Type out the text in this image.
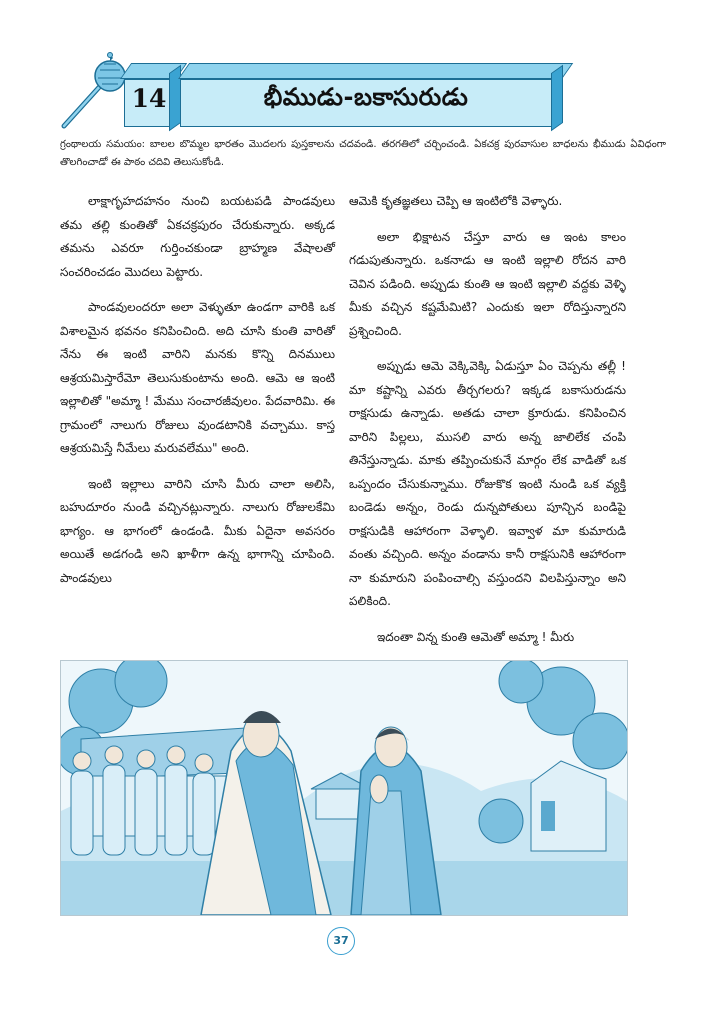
14	భీముడు-బకాసురుడు
గ్రంథాలయ సమయం: బాలల బొమ్మల భారతం మొదలగు పుస్తకాలను చదవండి. తరగతిలో చర్చించండి. ఏకచక్ర పురవాసుల బాధలను భీముడు ఏవిధంగా తొలగించాడో ఈ పాఠం చదివి తెలుసుకోండి.

లాక్షాగృహదహనం నుంచి బయటపడి పాండవులు తమ తల్లి కుంతితో ఏకచక్రపురం చేరుకున్నారు. అక్కడ తమను ఎవరూ గుర్తించకుండా బ్రాహ్మణ వేషాలతో సంచరించడం మొదలు పెట్టారు.

పాండవులందరూ అలా వెళ్ళుతూ ఉండగా వారికి ఒక విశాలమైన భవనం కనిపించింది. అది చూసి కుంతి వారితో నేను ఈ ఇంటి వారిని మనకు కొన్ని దినములు ఆశ్రయమిస్తారేమో తెలుసుకుంటాను అంది. ఆమె ఆ ఇంటి ఇల్లాలితో "అమ్మా ! మేము సంచారజీవులం. పేదవారిమి. ఈ గ్రామంలో నాలుగు రోజులు వుండటానికి వచ్చాము. కాస్త ఆశ్రయమిస్తే నీమేలు మరువలేము" అంది.

ఇంటి ఇల్లాలు వారిని చూసి మీరు చాలా అలిసి, బహుదూరం నుండి వచ్చినట్లున్నారు. నాలుగు రోజులకేమి భాగ్యం. ఆ భాగంలో ఉండండి. మీకు ఏదైనా అవసరం అయితే అడగండి అని ఖాళీగా ఉన్న భాగాన్ని చూపింది. పాండవులు

ఆమెకి కృతజ్ఞతలు చెప్పి ఆ ఇంటిలోకి వెళ్ళారు.

అలా భిక్షాటన చేస్తూ వారు ఆ ఇంట కాలం గడుపుతున్నారు. ఒకనాడు ఆ ఇంటి ఇల్లాలి రోదన వారి చెవిన పడింది. అప్పుడు కుంతి ఆ ఇంటి ఇల్లాలి వద్దకు వెళ్ళి మీకు వచ్చిన కష్టమేమిటి? ఎందుకు ఇలా రోదిస్తున్నారని ప్రశ్నించింది.

అప్పుడు ఆమె వెక్కివెక్కి ఏడుస్తూ ఏం చెప్పను తల్లీ ! మా కష్టాన్ని ఎవరు తీర్చగలరు? ఇక్కడ బకాసురుడను రాక్షసుడు ఉన్నాడు. అతడు చాలా క్రూరుడు. కనిపించిన వారిని పిల్లలు, ముసలి వారు అన్న జాలిలేక చంపి తినేస్తున్నాడు. మాకు తప్పించుకునే మార్గం లేక వాడితో ఒక ఒప్పందం చేసుకున్నాము. రోజుకొక ఇంటి నుండి ఒక వ్యక్తి బండెడు అన్నం, రెండు దున్నపోతులు పూన్చిన బండిపై రాక్షసుడికి ఆహారంగా వెళ్ళాలి. ఇవ్వాళ మా కుమారుడి వంతు వచ్చింది. అన్నం వండాను కానీ రాక్షసునికి ఆహారంగా నా కుమారుని పంపించాల్సి వస్తుందని విలపిస్తున్నాం అని పలికింది.

ఇదంతా విన్న కుంతి ఆమెతో అమ్మా ! మీరు

37
